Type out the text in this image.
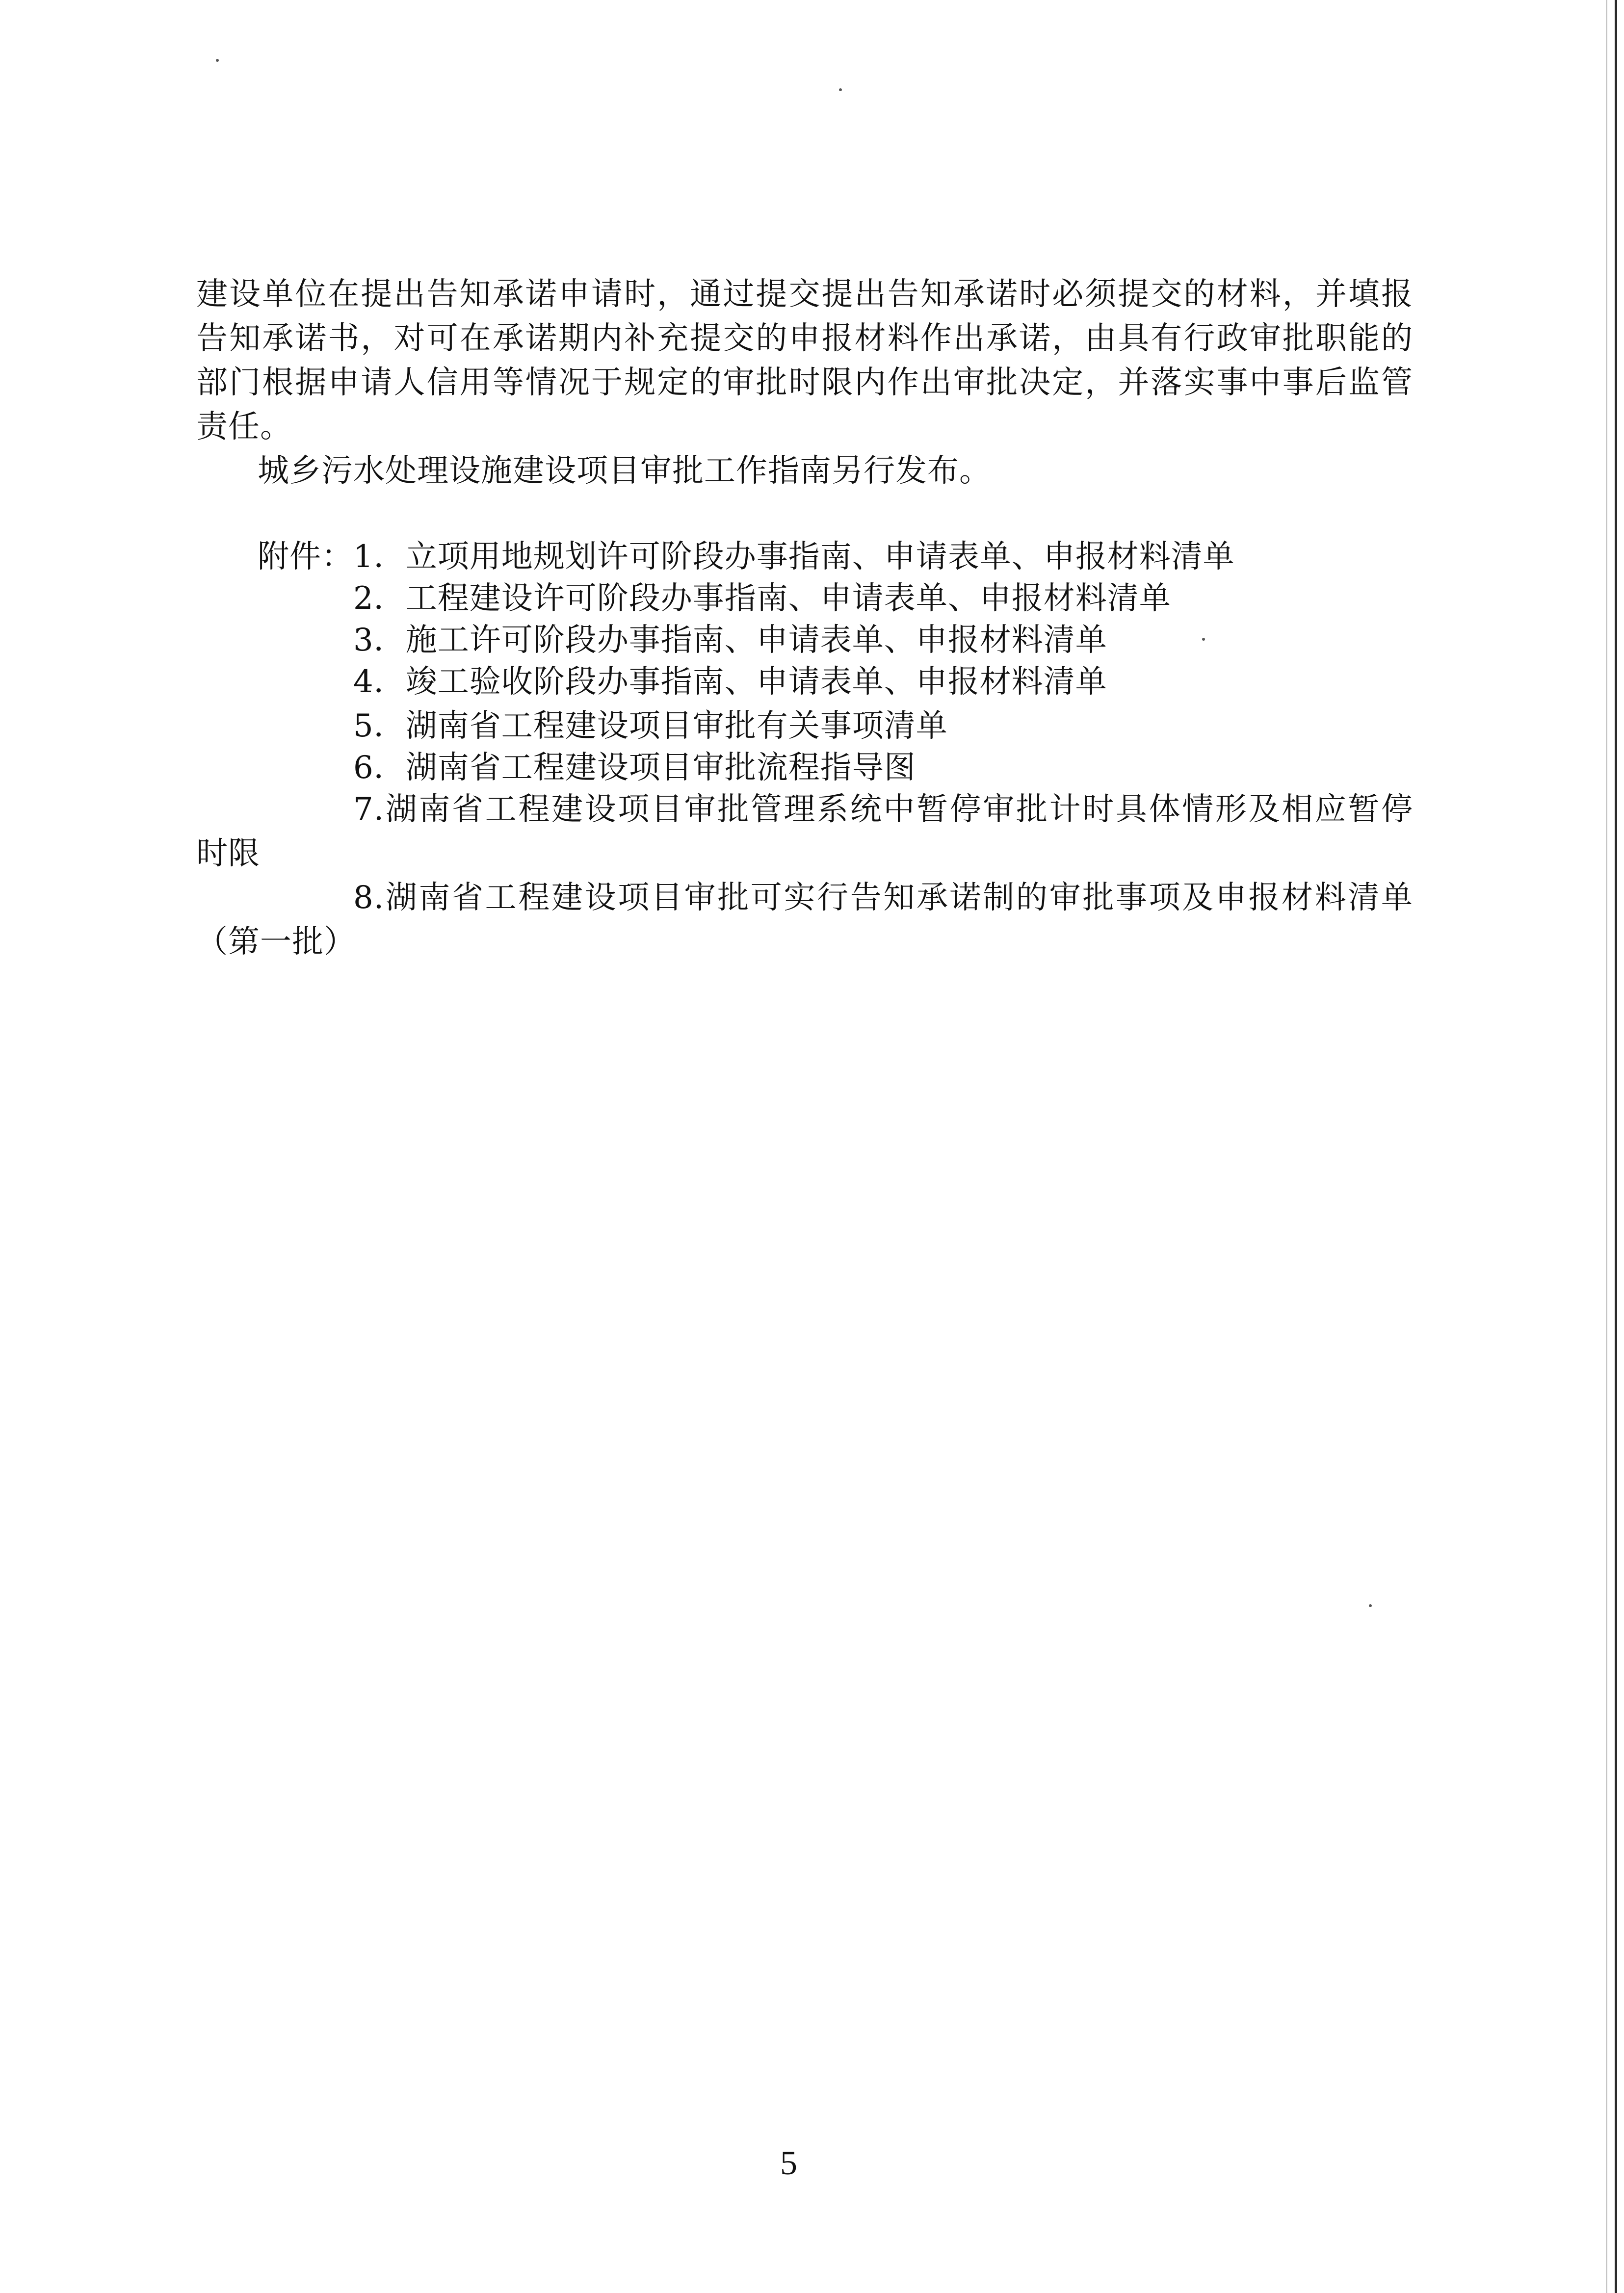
建设单位在提出告知承诺申请时，通过提交提出告知承诺时必须提交的材料，并填报
告知承诺书，对可在承诺期内补充提交的申报材料作出承诺，由具有行政审批职能的
部门根据申请人信用等情况于规定的审批时限内作出审批决定，并落实事中事后监管
责任。
城乡污水处理设施建设项目审批工作指南另行发布。
附件： 1．立项用地规划许可阶段办事指南、申请表单、申报材料清单
2．工程建设许可阶段办事指南、申请表单、申报材料清单
3．施工许可阶段办事指南、申请表单、申报材料清单
4．竣工验收阶段办事指南、申请表单、申报材料清单
5．湖南省工程建设项目审批有关事项清单
6．湖南省工程建设项目审批流程指导图
7.湖南省工程建设项目审批管理系统中暂停审批计时具体情形及相应暂停
时限
8.湖南省工程建设项目审批可实行告知承诺制的审批事项及申报材料清单
（第一批）
5
